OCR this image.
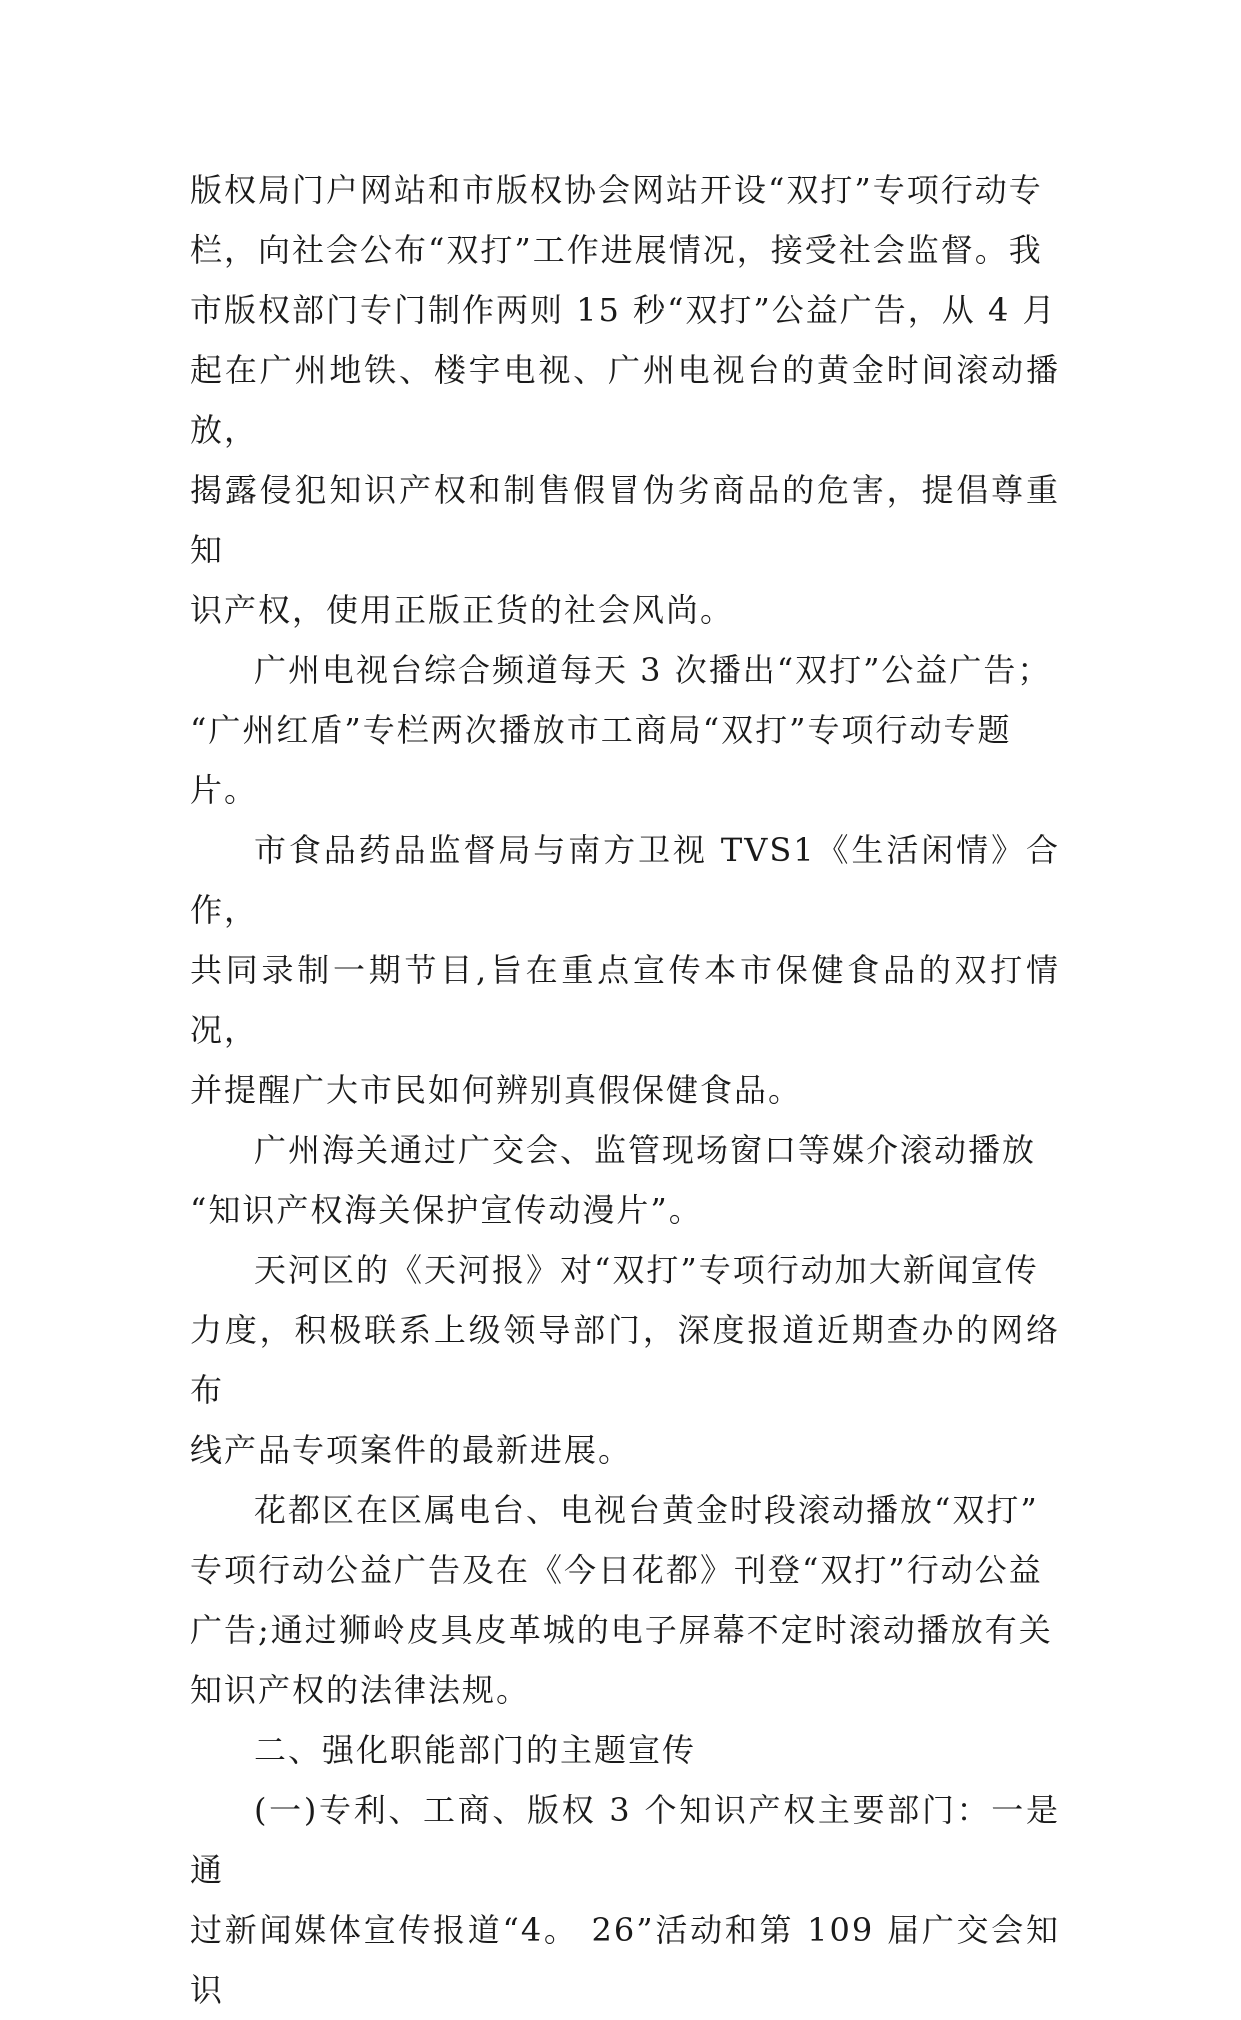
版权局门户网站和市版权协会网站开设“双打”专项行动专
栏，向社会公布“双打”工作进展情况，接受社会监督。我
市版权部门专门制作两则 15 秒“双打”公益广告，从 4 月
起在广州地铁、楼宇电视、广州电视台的黄金时间滚动播放，
揭露侵犯知识产权和制售假冒伪劣商品的危害，提倡尊重知
识产权，使用正版正货的社会风尚。
广州电视台综合频道每天 3 次播出“双打”公益广告；
“广州红盾”专栏两次播放市工商局“双打”专项行动专题
片。
市食品药品监督局与南方卫视 TVS1《生活闲情》合作，
共同录制一期节目,旨在重点宣传本市保健食品的双打情况，
并提醒广大市民如何辨别真假保健食品。
广州海关通过广交会、监管现场窗口等媒介滚动播放
“知识产权海关保护宣传动漫片”。
天河区的《天河报》对“双打”专项行动加大新闻宣传
力度，积极联系上级领导部门，深度报道近期查办的网络布
线产品专项案件的最新进展。
花都区在区属电台、电视台黄金时段滚动播放“双打”
专项行动公益广告及在《今日花都》刊登“双打”行动公益
广告;通过狮岭皮具皮革城的电子屏幕不定时滚动播放有关
知识产权的法律法规。
二、强化职能部门的主题宣传
(一)专利、工商、版权 3 个知识产权主要部门：一是通
过新闻媒体宣传报道“4。 26”活动和第 109 届广交会知识
